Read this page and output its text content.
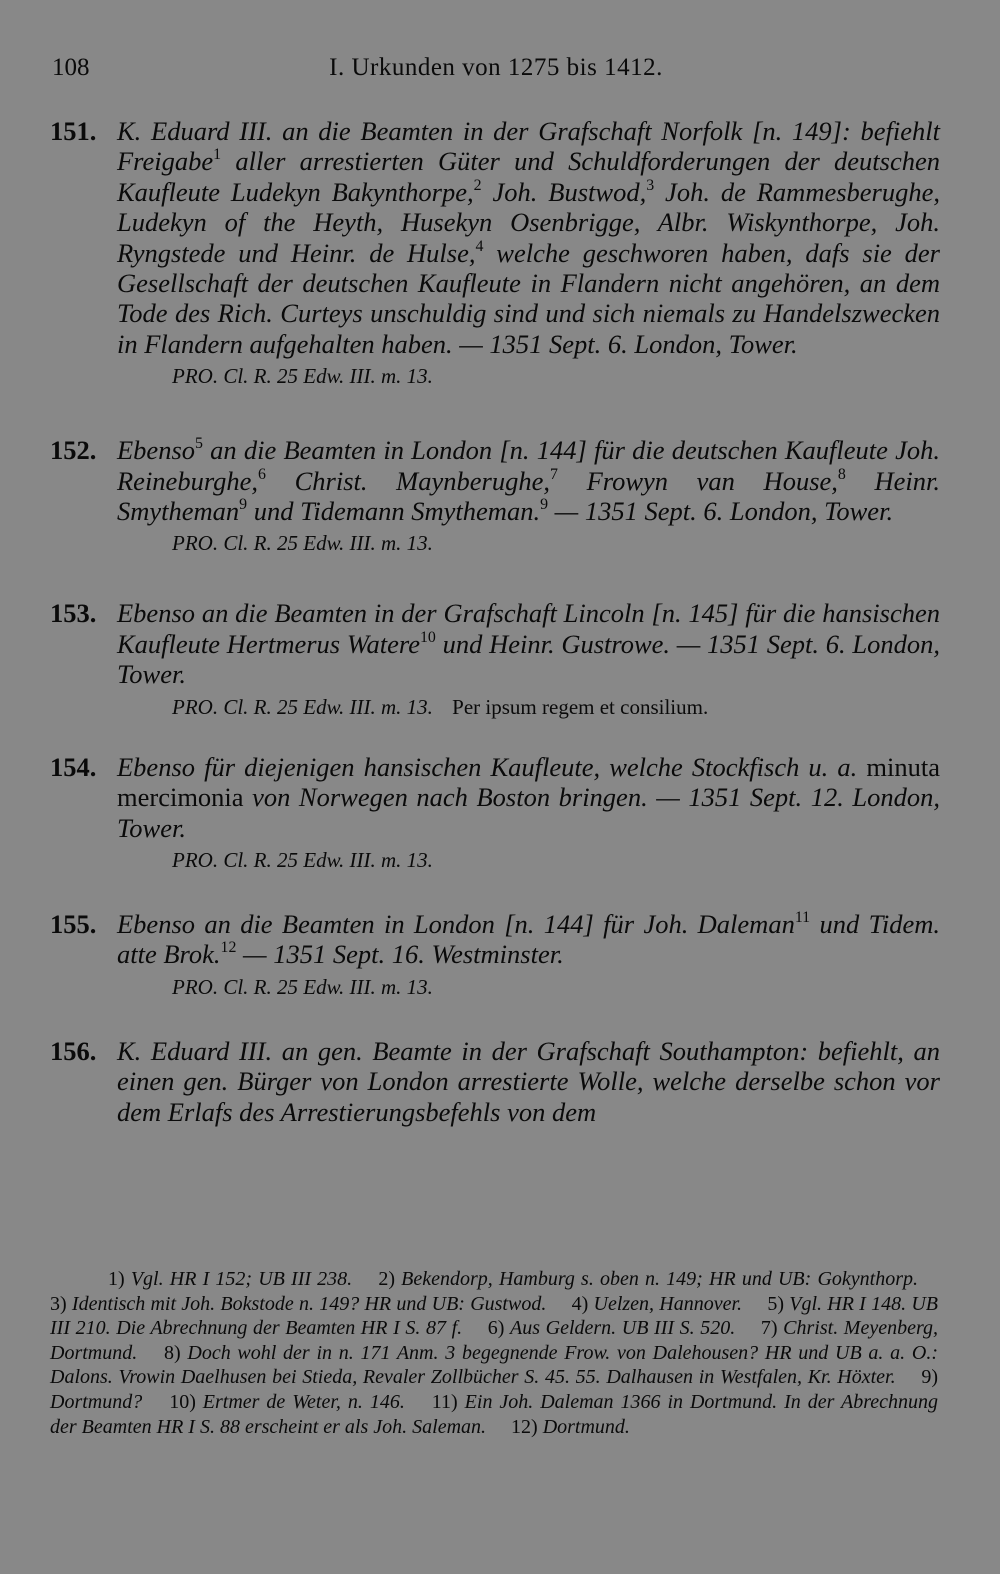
108	I. Urkunden von 1275 bis 1412.
151. K. Eduard III. an die Beamten in der Grafschaft Norfolk [n. 149]: befiehlt Freigabe$^1$ aller arrestierten Güter und Schuldforderungen der deutschen Kaufleute Ludekyn Bakynthorpe,$^2$ Joh. Bustwod,$^3$ Joh. de Rammesberughe, Ludekyn of the Heyth, Husekyn Osenbrigge, Albr. Wiskynthorpe, Joh. Ryngstede und Heinr. de Hulse,$^4$ welche geschworen haben, dafs sie der Gesellschaft der deutschen Kaufleute in Flandern nicht angehören, an dem Tode des Rich. Curteys unschuldig sind und sich niemals zu Handelszwecken in Flandern aufgehalten haben. — 1351 Sept. 6. London, Tower.
PRO. Cl. R. 25 Edw. III. m. 13.
152. Ebenso$^5$ an die Beamten in London [n. 144] für die deutschen Kaufleute Joh. Reineburghe,$^6$ Christ. Maynberughe,$^7$ Frowyn van House,$^8$ Heinr. Smytheman$^9$ und Tidemann Smytheman.$^9$ — 1351 Sept. 6. London, Tower.
PRO. Cl. R. 25 Edw. III. m. 13.
153. Ebenso an die Beamten in der Grafschaft Lincoln [n. 145] für die hansischen Kaufleute Hertmerus Watere$^{10}$ und Heinr. Gustrowe. — 1351 Sept. 6. London, Tower.
PRO. Cl. R. 25 Edw. III. m. 13. Per ipsum regem et consilium.
154. Ebenso für diejenigen hansischen Kaufleute, welche Stockfisch u. a. minuta mercimonia von Norwegen nach Boston bringen. — 1351 Sept. 12. London, Tower.
PRO. Cl. R. 25 Edw. III. m. 13.
155. Ebenso an die Beamten in London [n. 144] für Joh. Daleman$^{11}$ und Tidem. atte Brok.$^{12}$ — 1351 Sept. 16. Westminster.
PRO. Cl. R. 25 Edw. III. m. 13.
156. K. Eduard III. an gen. Beamte in der Grafschaft Southampton: befiehlt, an einen gen. Bürger von London arrestierte Wolle, welche derselbe schon vor dem Erlafs des Arrestierungsbefehls von dem
1) Vgl. HR I 152; UB III 238.  2) Bekendorp, Hamburg s. oben n. 149; HR und UB: Gokynthorp.  3) Identisch mit Joh. Bokstode n. 149? HR und UB: Gustwod.  4) Uelzen, Hannover.  5) Vgl. HR I 148. UB III 210. Die Abrechnung der Beamten HR I S. 87 f.  6) Aus Geldern. UB III S. 520.  7) Christ. Meyenberg, Dortmund.  8) Doch wohl der in n. 171 Anm. 3 begegnende Frow. von Dalehousen? HR und UB a. a. O.: Dalons. Vrowin Daelhusen bei Stieda, Revaler Zollbücher S. 45. 55. Dalhausen in Westfalen, Kr. Höxter.  9) Dortmund?  10) Ertmer de Weter, n. 146.  11) Ein Joh. Daleman 1366 in Dortmund. In der Abrechnung der Beamten HR I S. 88 erscheint er als Joh. Saleman.  12) Dortmund.
